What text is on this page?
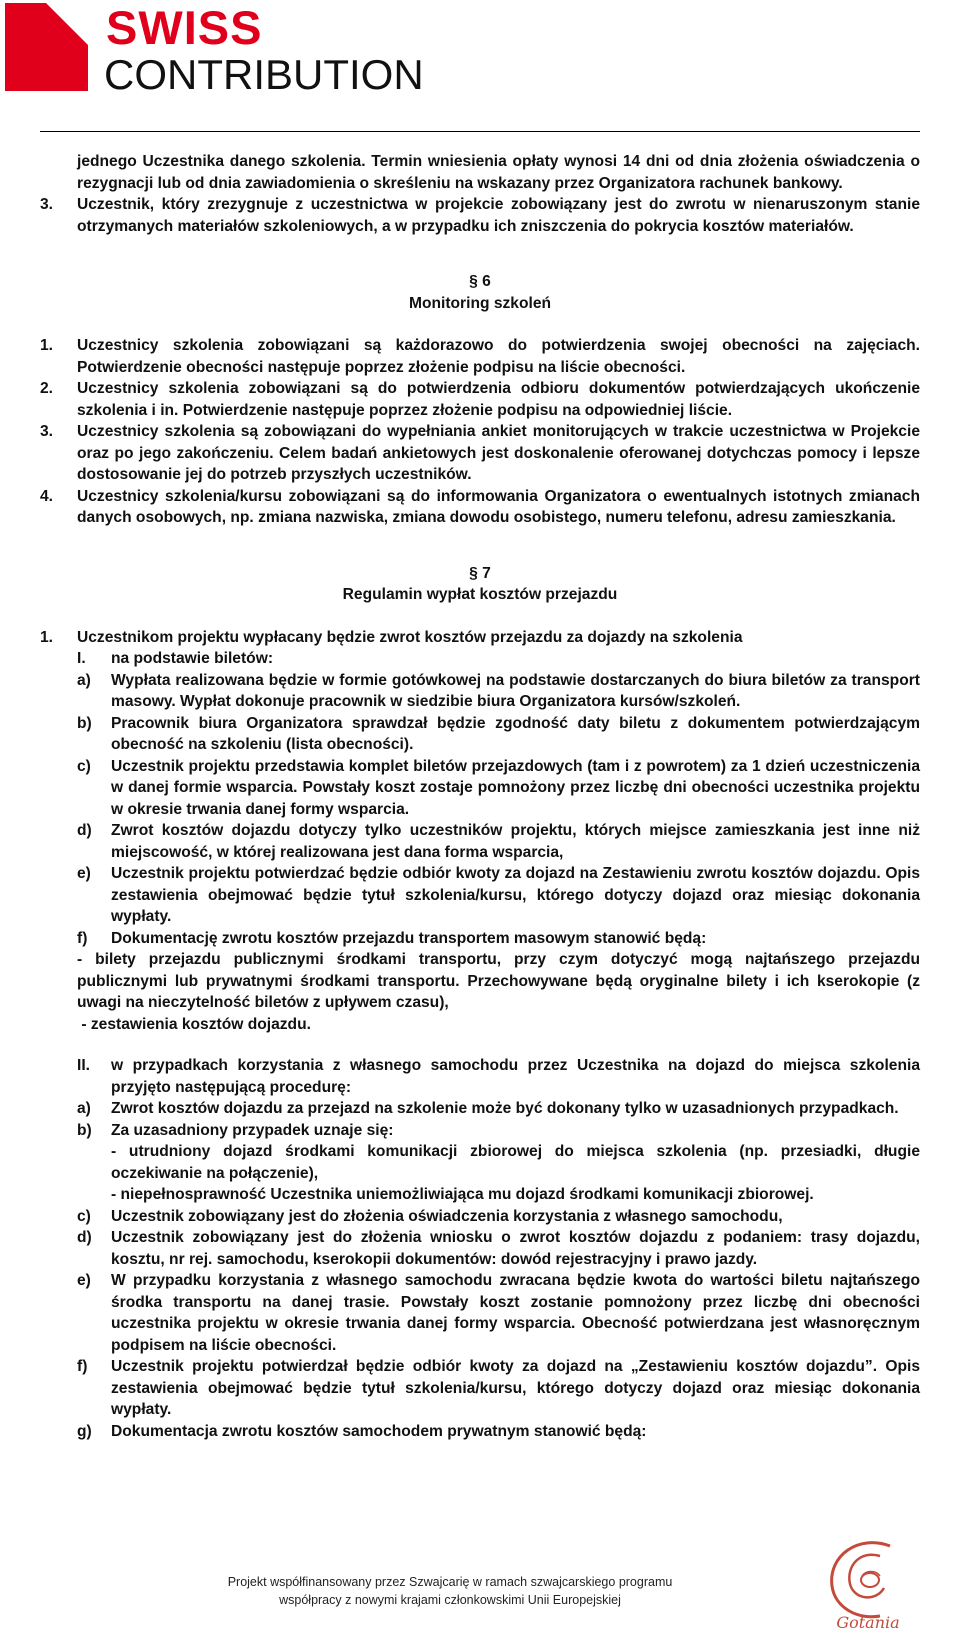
SWISS
CONTRIBUTION

jednego Uczestnika danego szkolenia. Termin wniesienia opłaty wynosi 14 dni od dnia złożenia oświadczenia o rezygnacji lub od dnia zawiadomienia o skreśleniu na wskazany przez Organizatora rachunek bankowy.

3. Uczestnik, który zrezygnuje z uczestnictwa w projekcie zobowiązany jest do zwrotu w nienaruszonym stanie otrzymanych materiałów szkoleniowych, a w przypadku ich zniszczenia do pokrycia kosztów materiałów.

§ 6

Monitoring szkoleń

1. Uczestnicy szkolenia zobowiązani są każdorazowo do potwierdzenia swojej obecności na zajęciach. Potwierdzenie obecności następuje poprzez złożenie podpisu na liście obecności.
2. Uczestnicy szkolenia zobowiązani są do potwierdzenia odbioru dokumentów potwierdzających ukończenie szkolenia i in. Potwierdzenie następuje poprzez złożenie podpisu na odpowiedniej liście.
3. Uczestnicy szkolenia są zobowiązani do wypełniania ankiet monitorujących w trakcie uczestnictwa w Projekcie oraz po jego zakończeniu. Celem badań ankietowych jest doskonalenie oferowanej dotychczas pomocy i lepsze dostosowanie jej do potrzeb przyszłych uczestników.
4. Uczestnicy szkolenia/kursu zobowiązani są do informowania Organizatora o ewentualnych istotnych zmianach danych osobowych, np. zmiana nazwiska, zmiana dowodu osobistego, numeru telefonu, adresu zamieszkania.

§ 7

Regulamin wypłat kosztów przejazdu

1. Uczestnikom projektu wypłacany będzie zwrot kosztów przejazdu za dojazdy na szkolenia
I. na podstawie biletów:
a) Wypłata realizowana będzie w formie gotówkowej na podstawie dostarczanych do biura biletów za transport masowy. Wypłat dokonuje pracownik w siedzibie biura Organizatora kursów/szkoleń.
b) Pracownik biura Organizatora sprawdzał będzie zgodność daty biletu z dokumentem potwierdzającym obecność na szkoleniu (lista obecności).
c) Uczestnik projektu przedstawia komplet biletów przejazdowych (tam i z powrotem) za 1 dzień uczestniczenia w danej formie wsparcia. Powstały koszt zostaje pomnożony przez liczbę dni obecności uczestnika projektu w okresie trwania danej formy wsparcia.
d) Zwrot kosztów dojazdu dotyczy tylko uczestników projektu, których miejsce zamieszkania jest inne niż miejscowość, w której realizowana jest dana forma wsparcia,
e) Uczestnik projektu potwierdzać będzie odbiór kwoty za dojazd na Zestawieniu zwrotu kosztów dojazdu. Opis zestawienia obejmować będzie tytuł szkolenia/kursu, którego dotyczy dojazd oraz miesiąc dokonania wypłaty.
f) Dokumentację zwrotu kosztów przejazdu transportem masowym stanowić będą:

- bilety przejazdu publicznymi środkami transportu, przy czym dotyczyć mogą najtańszego przejazdu publicznymi lub prywatnymi środkami transportu. Przechowywane będą oryginalne bilety i ich kserokopie (z uwagi na nieczytelność biletów z upływem czasu),

- zestawienia kosztów dojazdu.

II. w przypadkach korzystania z własnego samochodu przez Uczestnika na dojazd do miejsca szkolenia przyjęto następującą procedurę:
a) Zwrot kosztów dojazdu za przejazd na szkolenie może być dokonany tylko w uzasadnionych przypadkach.
b) Za uzasadniony przypadek uznaje się:

- utrudniony dojazd środkami komunikacji zbiorowej do miejsca szkolenia (np. przesiadki, długie oczekiwanie na połączenie),

- niepełnosprawność Uczestnika uniemożliwiająca mu dojazd środkami komunikacji zbiorowej.

c) Uczestnik zobowiązany jest do złożenia oświadczenia korzystania z własnego samochodu,
d) Uczestnik zobowiązany jest do złożenia wniosku o zwrot kosztów dojazdu z podaniem: trasy dojazdu, kosztu, nr rej. samochodu, kserokopii dokumentów: dowód rejestracyjny i prawo jazdy.
e) W przypadku korzystania z własnego samochodu zwracana będzie kwota do wartości biletu najtańszego środka transportu na danej trasie. Powstały koszt zostanie pomnożony przez liczbę dni obecności uczestnika projektu w okresie trwania danej formy wsparcia. Obecność potwierdzana jest własnoręcznym podpisem na liście obecności.
f) Uczestnik projektu potwierdzał będzie odbiór kwoty za dojazd na „Zestawieniu kosztów dojazdu”. Opis zestawienia obejmować będzie tytuł szkolenia/kursu, którego dotyczy dojazd oraz miesiąc dokonania wypłaty.
g) Dokumentacja zwrotu kosztów samochodem prywatnym stanowić będą:
Projekt współfinansowany przez Szwajcarię w ramach szwajcarskiego programu
współpracy z nowymi krajami członkowskimi Unii Europejskiej
Gotania
